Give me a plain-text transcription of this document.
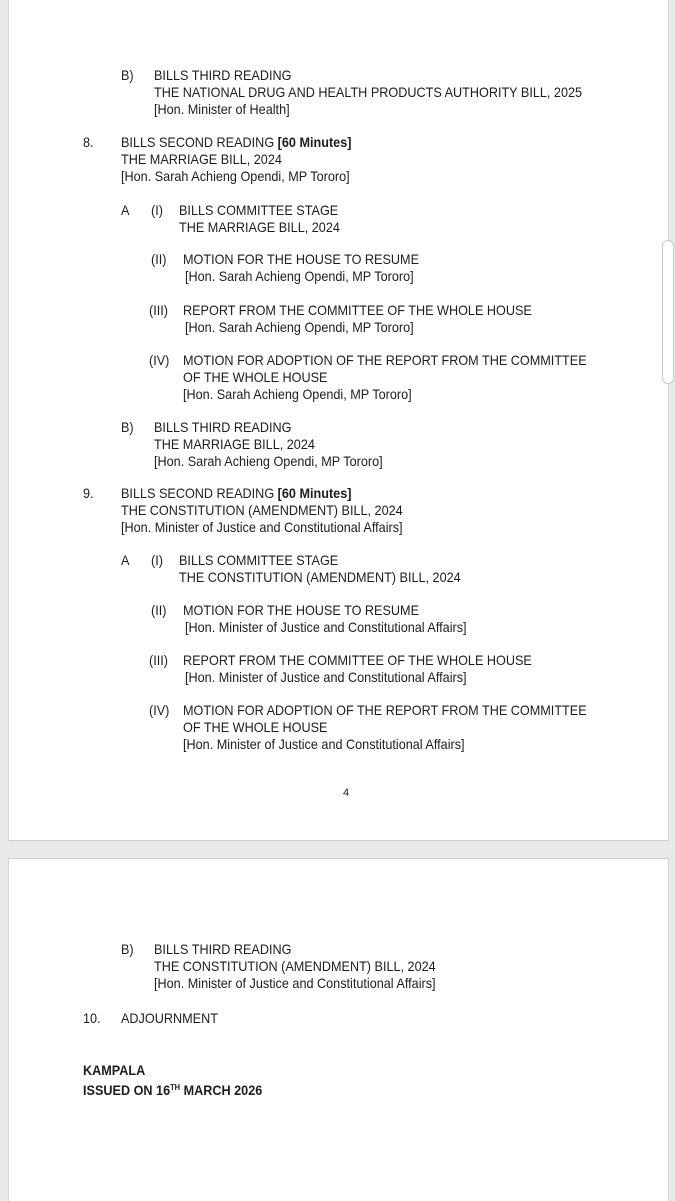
B) BILLS THIRD READING
THE NATIONAL DRUG AND HEALTH PRODUCTS AUTHORITY BILL, 2025
[Hon. Minister of Health]
8. BILLS SECOND READING [60 Minutes]
THE MARRIAGE BILL, 2024
[Hon. Sarah Achieng Opendi, MP Tororo]
A (I) BILLS COMMITTEE STAGE
THE MARRIAGE BILL, 2024
(II) MOTION FOR THE HOUSE TO RESUME
[Hon. Sarah Achieng Opendi, MP Tororo]
(III) REPORT FROM THE COMMITTEE OF THE WHOLE HOUSE
[Hon. Sarah Achieng Opendi, MP Tororo]
(IV) MOTION FOR ADOPTION OF THE REPORT FROM THE COMMITTEE
OF THE WHOLE HOUSE
[Hon. Sarah Achieng Opendi, MP Tororo]
B) BILLS THIRD READING
THE MARRIAGE BILL, 2024
[Hon. Sarah Achieng Opendi, MP Tororo]
9. BILLS SECOND READING [60 Minutes]
THE CONSTITUTION (AMENDMENT) BILL, 2024
[Hon. Minister of Justice and Constitutional Affairs]
A (I) BILLS COMMITTEE STAGE
THE CONSTITUTION (AMENDMENT) BILL, 2024
(II) MOTION FOR THE HOUSE TO RESUME
[Hon. Minister of Justice and Constitutional Affairs]
(III) REPORT FROM THE COMMITTEE OF THE WHOLE HOUSE
[Hon. Minister of Justice and Constitutional Affairs]
(IV) MOTION FOR ADOPTION OF THE REPORT FROM THE COMMITTEE
OF THE WHOLE HOUSE
[Hon. Minister of Justice and Constitutional Affairs]
4
B) BILLS THIRD READING
THE CONSTITUTION (AMENDMENT) BILL, 2024
[Hon. Minister of Justice and Constitutional Affairs]
10. ADJOURNMENT
KAMPALA
ISSUED ON 16TH MARCH 2026
